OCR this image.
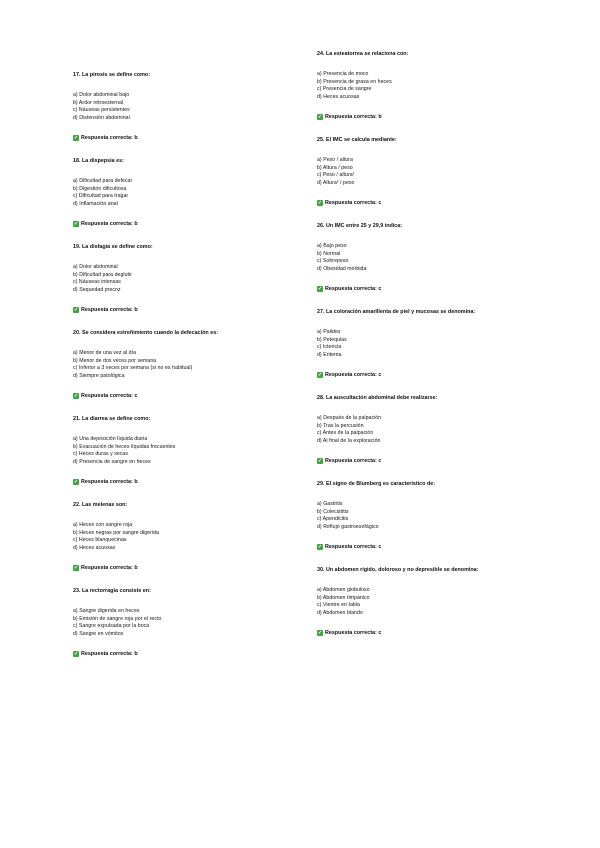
17. La pirosis se define como:
a) Dolor abdominal bajo
b) Ardor retroesternal
c) Náuseas persistentes
d) Distensión abdominal
✓ Respuesta correcta: b
18. La dispepsia es:
a) Dificultad para defecar
b) Digestión dificultosa
c) Dificultad para tragar
d) Inflamación anal
✓ Respuesta correcta: b
19. La disfagia se define como:
a) Dolor abdominal
b) Dificultad para deglutir
c) Náuseas intensas
d) Sequedad precoz
✓ Respuesta correcta: b
20. Se considera estreñimiento cuando la defecación es:
a) Menor de una vez al día
b) Menor de dos veces por semana
c) Inferior a 3 veces por semana (si no es habitual)
d) Siempre patológica
✓ Respuesta correcta: c
21. La diarrea se define como:
a) Una deposición líquida diaria
b) Evacuación de heces líquidas frecuentes
c) Heces duras y secas
d) Presencia de sangre en heces
✓ Respuesta correcta: b
22. Las melenas son:
a) Heces con sangre roja
b) Heces negras por sangre digerida
c) Heces blanquecinas
d) Heces acuosas
✓ Respuesta correcta: b
23. La rectorragia consiste en:
a) Sangre digerida en heces
b) Emisión de sangre roja por el recto
c) Sangre expulsada por la boca
d) Sangre en vómitos
✓ Respuesta correcta: b
24. La esteatorrea se relaciona con:
a) Presencia de moco
b) Presencia de grasa en heces
c) Presencia de sangre
d) Heces acuosas
✓ Respuesta correcta: b
25. El IMC se calcula mediante:
a) Peso / altura
b) Altura / peso
c) Peso / altura²
d) Altura² / peso
✓ Respuesta correcta: c
26. Un IMC entre 25 y 29,9 indica:
a) Bajo peso
b) Normal
c) Sobrepeso
d) Obesidad mórbida
✓ Respuesta correcta: c
27. La coloración amarillenta de piel y mucosas se denomina:
a) Palidez
b) Petequias
c) Ictericia
d) Eritema
✓ Respuesta correcta: c
28. La auscultación abdominal debe realizarse:
a) Después de la palpación
b) Tras la percusión
c) Antes de la palpación
d) Al final de la exploración
✓ Respuesta correcta: c
29. El signo de Blumberg es característico de:
a) Gastritis
b) Colecistitis
c) Apendicitis
d) Reflujo gastroesofágico
✓ Respuesta correcta: c
30. Un abdomen rígido, doloroso y no depresible se denomina:
a) Abdomen globuloso
b) Abdomen timpánico
c) Vientre en tabla
d) Abdomen blando
✓ Respuesta correcta: c
